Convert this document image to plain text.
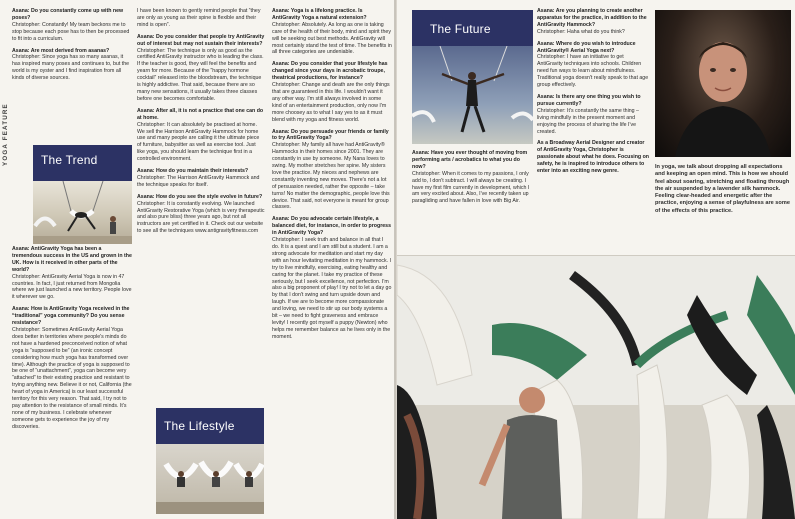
YOGA FEATURE

Asana: Do you constantly come up with new poses?
Christopher: Constantly! My team beckons me to stop because each pose has to then be processed to fit into a curriculum.

Asana: Are most derived from asanas?
Christopher: Since yoga has so many asanas, it has inspired many poses and continues to, but the world is my oyster and I find inspiration from all kinds of diverse sources.

The Trend

Asana: AntiGravity Yoga has been a tremendous success in the US and grown in the UK. How is it received in other parts of the world?
Christopher: AntiGravity Aerial Yoga is now in 47 countries. In fact, I just returned from Mongolia where we just launched a new territory. People love it wherever we go.

Asana: How is AntiGravity Yoga received in the “traditional” yoga community? Do you sense resistance?
Christopher: Sometimes AntiGravity Aerial Yoga does better in territories where people's minds do not have a hardened preconceived notion of what yoga is “supposed to be” (an ironic concept considering how much yoga has transformed over time). Although the practice of yoga is supposed to be one of “unattachment”, yoga can become very “attached” to their existing practice and resistant to trying anything new. Believe it or not, California (the heart of yoga in America) is our least successful territory for this very reason. That said, I try not to pay attention to the resistance of small minds. It's none of my business. I celebrate whenever someone gets to experience the joy of my discoveries.

I have been known to gently remind people that “they are only as young as their spine is flexible and their mind is open”.

Asana: Do you consider that people try AntiGravity out of interest but may not sustain their interests?
Christopher: The technique is only as good as the certified AntiGravity instructor who is leading the class. If the teacher is good, they will feel the benefits and yearn for more. Because of the “happy hormone cocktail” released into the bloodstream, the technique is highly addictive. That said, because there are so many new sensations, it usually takes three classes before one becomes comfortable.

Asana: After all, it is not a practice that one can do at home.
Christopher: It can absolutely be practised at home. We sell the Harrison AntiGravity Hammock for home use and many people are calling it the ultimate piece of furniture, babysitter as well as exercise tool. Just like yoga, you should learn the technique first in a controlled environment.

Asana: How do you maintain their interests?
Christopher: The Harrison AntiGravity Hammock and the technique speaks for itself.

Asana: How do you see the style evolve in future?
Christopher: It is constantly evolving. We launched AntiGravity Restorative Yoga (which is very therapeutic and also pure bliss) three years ago, but not all instructors are yet certified in it. Check out our website to see all the techniques www.antigravityfitness.com

The Lifestyle

Asana: Yoga is a lifelong practice. Is AntiGravity Yoga a natural extension?
Christopher: Absolutely. As long as one is taking care of the health of their body, mind and spirit they will be seeking out best methods. AntiGravity will most certainly stand the test of time. The benefits in all three categories are undeniable.

Asana: Do you consider that your lifestyle has changed since your days in acrobatic troupe, theatrical productions, for instance?
Christopher: Change and death are the only things that are guaranteed in this life. I wouldn't want it any other way. I'm still always involved in some kind of an entertainment production, only now I'm more choosey as to what I say yes to as it must blend with my yoga and fitness world.

Asana: Do you persuade your friends or family to try AntiGravity Yoga?
Christopher: My family all have had AntiGravity® Hammocks in their homes since 2001. They are constantly in use by someone. My Nana loves to swing. My mother stretches her spine. My sisters love the practice. My nieces and nephews are constantly inventing new moves. There's not a lot of persuasion needed, rather the opposite – take turns! No matter the demographic, people love this device. That said, not everyone is meant for group classes.

Asana: Do you advocate certain lifestyle, a balanced diet, for instance, in order to progress in AntiGravity Yoga?
Christopher: I seek truth and balance in all that I do. It is a quest and I am still but a student. I am a strong advocate for meditation and start my day with an hour levitating meditation in my hammock. I try to live mindfully, exercising, eating healthy and caring for the planet. I take my practice of these seriously, but I seek excellence, not perfection. I'm also a big proponent of play! I try not to let a day go by that I don't swing and turn upside down and laugh. If we are to become more compassionate and loving, we need to stir up our body systems a bit – we need to fight graveness and embrace levity! I recently got myself a puppy (Newton) who helps me remember balance as he lives only in the moment.

The Future

Asana: Have you ever thought of moving from performing arts / acrobatics to what you do now?
Christopher: When it comes to my passions, I only add to, I don't subtract. I will always be creating. I have my first film currently in development, which I am very excited about. Also, I've recently taken up paragliding and have fallen in love with Big Air.

Asana: Are you planning to create another apparatus for the practice, in addition to the AntiGravity Hammock?
Christopher: Haha what do you think?

Asana: Where do you wish to introduce AntiGravity® Aerial Yoga next?
Christopher: I have an initiative to get AntiGravity techniques into schools. Children need fun ways to learn about mindfulness. Traditional yoga doesn't really speak to that age group effectively.

Asana: Is there any one thing you wish to pursue currently?
Christopher: It's constantly the same thing – living mindfully in the present moment and enjoying the process of sharing the life I've created.

As a Broadway Aerial Designer and creator of AntiGravity Yoga, Christopher is passionate about what he does. Focusing on safety, he is inspired to introduce others to enter into an exciting new genre.

In yoga, we talk about dropping all expectations and keeping an open mind. This is how we should feel about soaring, stretching and floating through the air suspended by a lavender silk hammock. Feeling clear-headed and energetic after the practice, enjoying a sense of playfulness are some of the effects of this practice.
